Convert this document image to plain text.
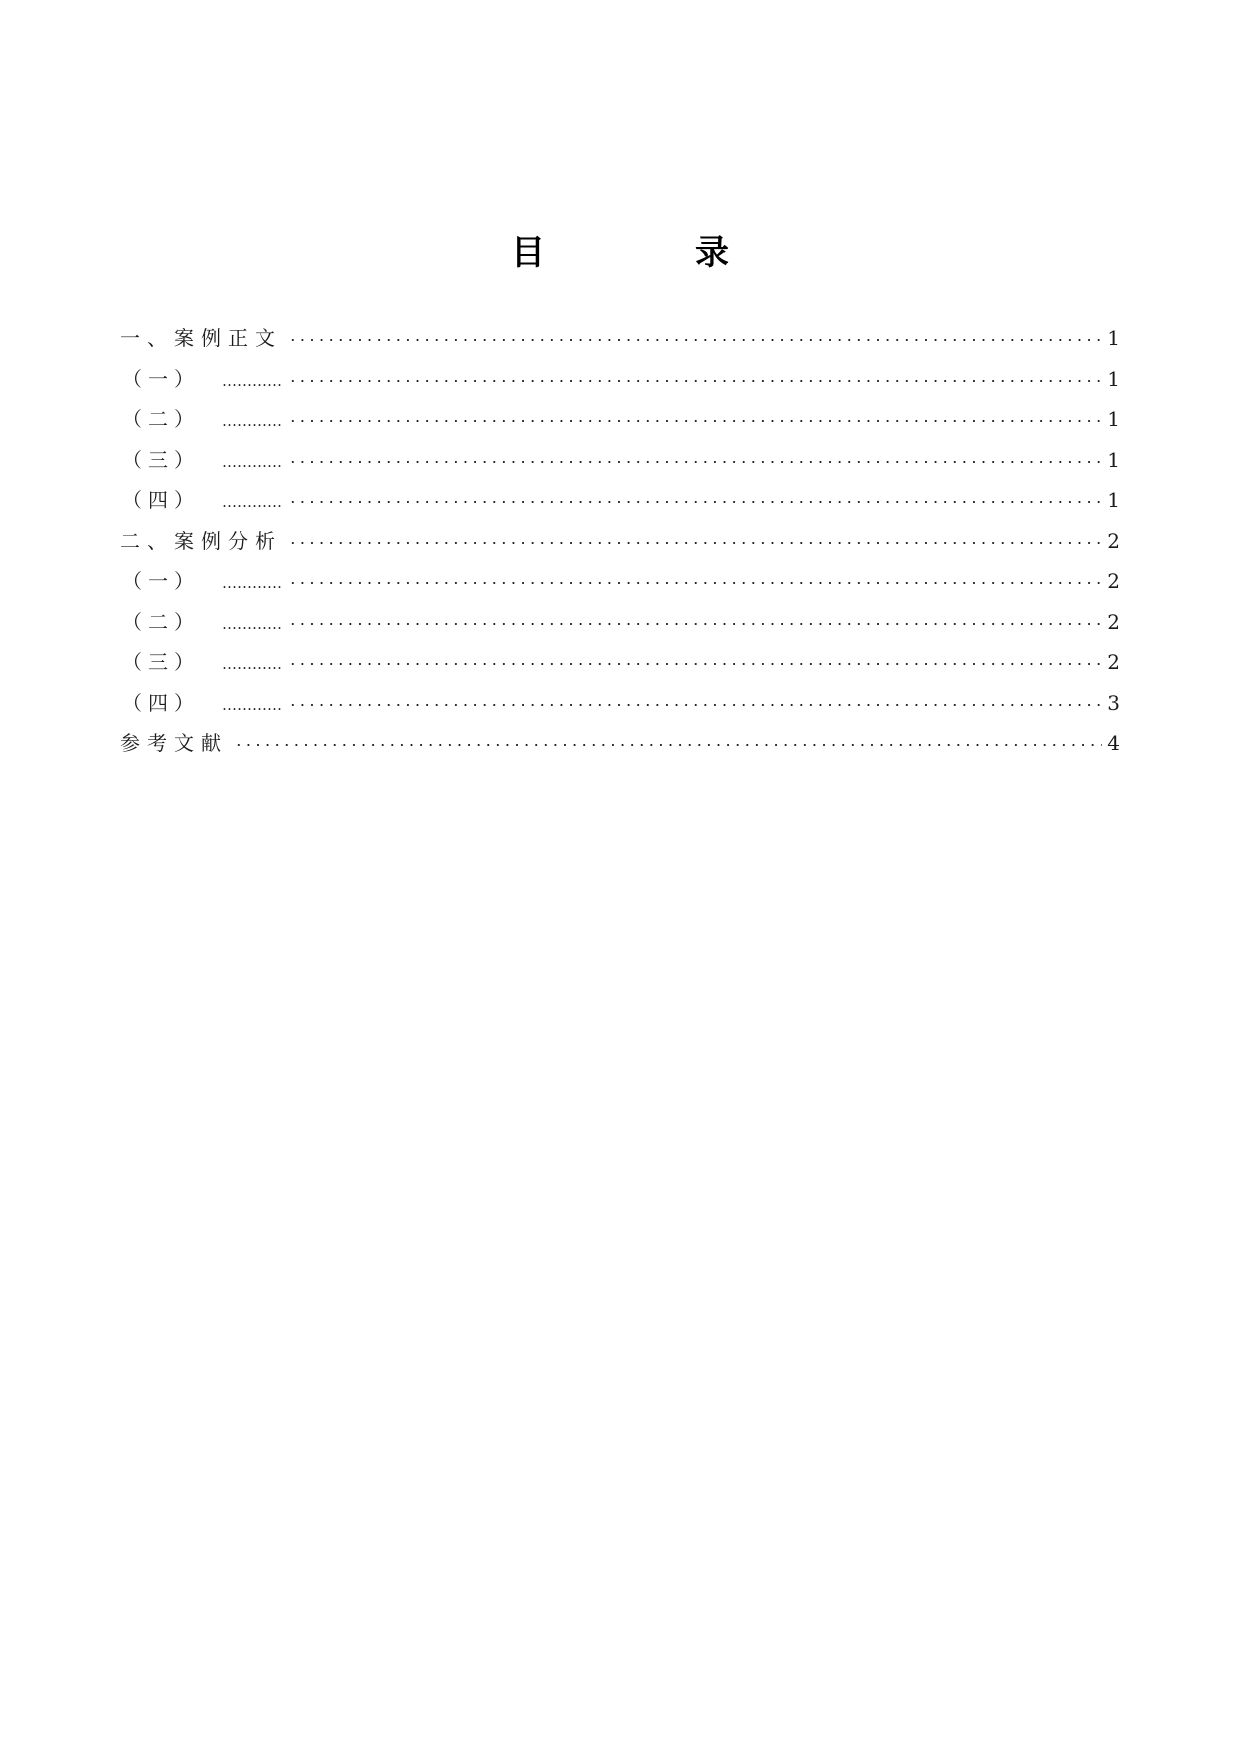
目	录
一、案例正文	1
（一） …………	1
（二） …………	1
（三） …………	1
（四） …………	1
二、案例分析	2
（一） …………	2
（二） …………	2
（三） …………	2
（四） …………	3
参考文献	4
